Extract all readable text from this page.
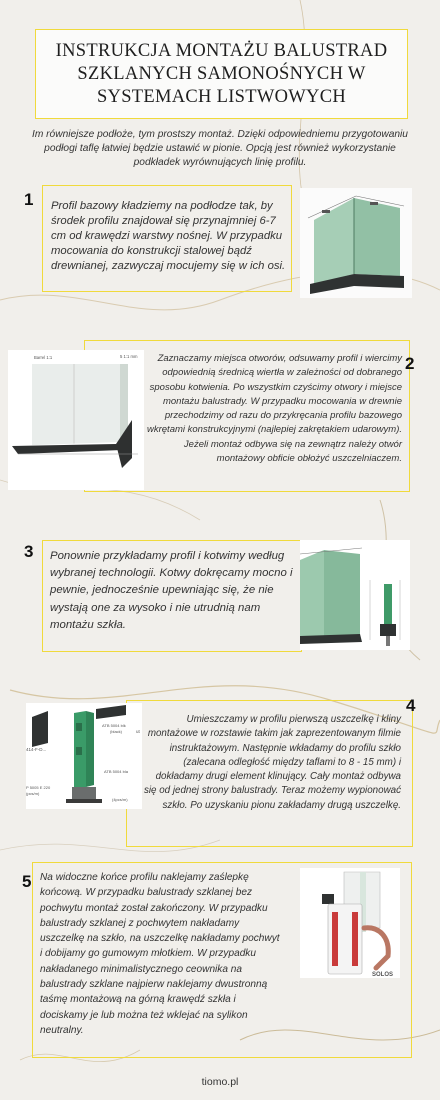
INSTRUKCJA MONTAŻU BALUSTRAD
SZKLANYCH SAMONOŚNYCH W
SYSTEMACH LISTWOWYCH
Im równiejsze podłoże, tym prostszy montaż. Dzięki odpowiedniemu przygotowaniu podłogi taflę łatwiej będzie ustawić w pionie. Opcją jest również wykorzystanie podkładek wyrównujących linię profilu.
1 Profil bazowy kładziemy na podłodze tak, by środek profilu znajdował się przynajmniej 6-7 cm od krawędzi warstwy nośnej. W przypadku mocowania do konstrukcji stalowej bądź drewnianej, zazwyczaj mocujemy się w ich osi.
Barrel 1:1	5 1:1 mm	2
Zaznaczamy miejsca otworów, odsuwamy profil i wiercimy odpowiednią średnicą wiertła w zależności od dobranego sposobu kotwienia. Po wszystkim czyścimy otwory i miejsce montażu balustrady. W przypadku mocowania w drewnie przechodzimy od razu do przykręcania profilu bazowego wkrętami konstrukcyjnymi (najlepiej zakrętakiem udarowym). Jeżeli montaż odbywa się na zewnątrz należy otwór montażowy obficie obłożyć uszczelniaczem.
3 Ponownie przykładamy profil i kotwimy według wybranej technologii. Kotwy dokręcamy mocno i pewnie, jednocześnie upewniając się, że nie wystają one za wysoko i nie utrudnią nam montażu szkła.
414-F-D...
ut
ATB 5004 blk
(black)
ATB 5004 bla
P 5005 E 220
(pcs/m)
(4pcs/m)
4
Umieszczamy w profilu pierwszą uszczelkę i kliny montażowe w rozstawie takim jak zaprezentowanym filmie instruktażowym. Następnie wkładamy do profilu szkło (zalecana odległość między taflami to 8 - 15 mm) i dokładamy drugi element klinujący. Cały montaż odbywa się od jednej strony balustrady. Teraz możemy wypionować szkło. Po uzyskaniu pionu zakładamy drugą uszczelkę.
5 Na widoczne końce profilu naklejamy zaślepkę końcową. W przypadku balustrady szklanej bez pochwytu montaż został zakończony. W przypadku balustrady szklanej z pochwytem nakładamy uszczelkę na szkło, na uszczelkę nakładamy pochwyt i dobijamy go gumowym młotkiem. W przypadku nakładanego minimalistycznego ceownika na balustrady szklane najpierw naklejamy dwustronną taśmę montażową na górną krawędź szkła i dociskamy je lub można też wklejać na sylikon neutralny.
SOLOS
tiomo.pl
